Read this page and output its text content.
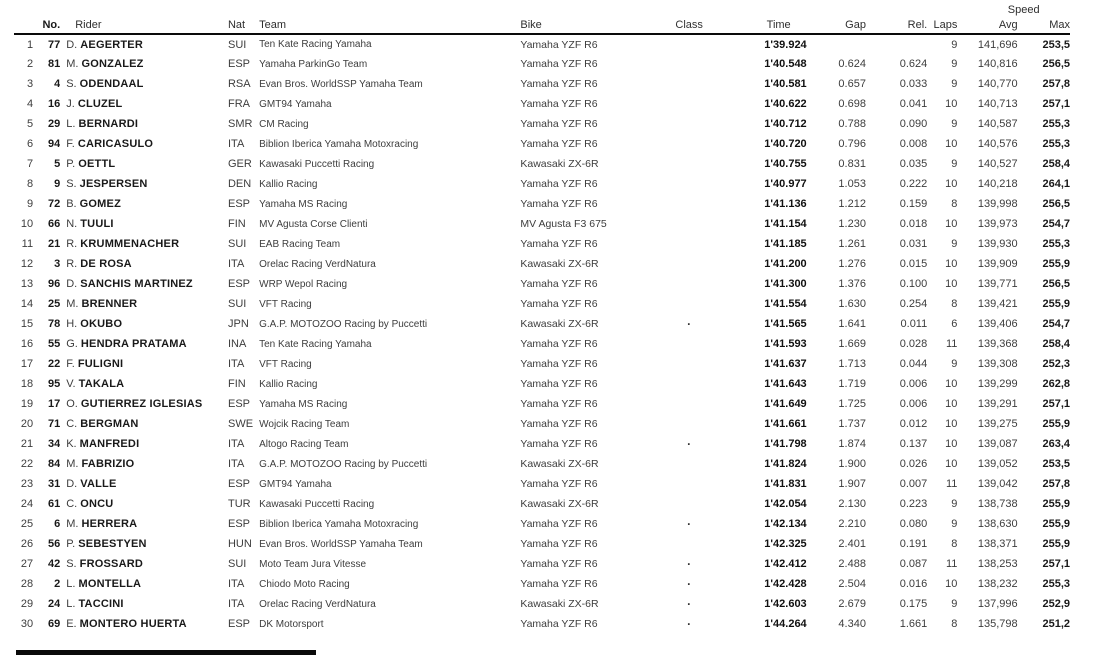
											Speed	
	No.	Rider	Nat	Team	Bike	Class	Time	Gap	Rel.	Laps	Avg	Max
1	77	D. AEGERTER	SUI	Ten Kate Racing Yamaha	Yamaha YZF R6		1'39.924			9	141,696	253,5
2	81	M. GONZALEZ	ESP	Yamaha ParkinGo Team	Yamaha YZF R6		1'40.548	0.624	0.624	9	140,816	256,5
3	4	S. ODENDAAL	RSA	Evan Bros. WorldSSP Yamaha Team	Yamaha YZF R6		1'40.581	0.657	0.033	9	140,770	257,8
4	16	J. CLUZEL	FRA	GMT94 Yamaha	Yamaha YZF R6		1'40.622	0.698	0.041	10	140,713	257,1
5	29	L. BERNARDI	SMR	CM Racing	Yamaha YZF R6		1'40.712	0.788	0.090	9	140,587	255,3
6	94	F. CARICASULO	ITA	Biblion Iberica Yamaha Motoxracing	Yamaha YZF R6		1'40.720	0.796	0.008	10	140,576	255,3
7	5	P. OETTL	GER	Kawasaki Puccetti Racing	Kawasaki ZX-6R		1'40.755	0.831	0.035	9	140,527	258,4
8	9	S. JESPERSEN	DEN	Kallio Racing	Yamaha YZF R6		1'40.977	1.053	0.222	10	140,218	264,1
9	72	B. GOMEZ	ESP	Yamaha MS Racing	Yamaha YZF R6		1'41.136	1.212	0.159	8	139,998	256,5
10	66	N. TUULI	FIN	MV Agusta Corse Clienti	MV Agusta F3 675		1'41.154	1.230	0.018	10	139,973	254,7
11	21	R. KRUMMENACHER	SUI	EAB Racing Team	Yamaha YZF R6		1'41.185	1.261	0.031	9	139,930	255,3
12	3	R. DE ROSA	ITA	Orelac Racing VerdNatura	Kawasaki ZX-6R		1'41.200	1.276	0.015	10	139,909	255,9
13	96	D. SANCHIS MARTINEZ	ESP	WRP Wepol Racing	Yamaha YZF R6		1'41.300	1.376	0.100	10	139,771	256,5
14	25	M. BRENNER	SUI	VFT Racing	Yamaha YZF R6		1'41.554	1.630	0.254	8	139,421	255,9
15	78	H. OKUBO	JPN	G.A.P. MOTOZOO Racing by Puccetti	Kawasaki ZX-6R	·	1'41.565	1.641	0.011	6	139,406	254,7
16	55	G. HENDRA PRATAMA	INA	Ten Kate Racing Yamaha	Yamaha YZF R6		1'41.593	1.669	0.028	11	139,368	258,4
17	22	F. FULIGNI	ITA	VFT Racing	Yamaha YZF R6		1'41.637	1.713	0.044	9	139,308	252,3
18	95	V. TAKALA	FIN	Kallio Racing	Yamaha YZF R6		1'41.643	1.719	0.006	10	139,299	262,8
19	17	O. GUTIERREZ IGLESIAS	ESP	Yamaha MS Racing	Yamaha YZF R6		1'41.649	1.725	0.006	10	139,291	257,1
20	71	C. BERGMAN	SWE	Wojcik Racing Team	Yamaha YZF R6		1'41.661	1.737	0.012	10	139,275	255,9
21	34	K. MANFREDI	ITA	Altogo Racing Team	Yamaha YZF R6	·	1'41.798	1.874	0.137	10	139,087	263,4
22	84	M. FABRIZIO	ITA	G.A.P. MOTOZOO Racing by Puccetti	Kawasaki ZX-6R		1'41.824	1.900	0.026	10	139,052	253,5
23	31	D. VALLE	ESP	GMT94 Yamaha	Yamaha YZF R6		1'41.831	1.907	0.007	11	139,042	257,8
24	61	C. ONCU	TUR	Kawasaki Puccetti Racing	Kawasaki ZX-6R		1'42.054	2.130	0.223	9	138,738	255,9
25	6	M. HERRERA	ESP	Biblion Iberica Yamaha Motoxracing	Yamaha YZF R6	·	1'42.134	2.210	0.080	9	138,630	255,9
26	56	P. SEBESTYEN	HUN	Evan Bros. WorldSSP Yamaha Team	Yamaha YZF R6		1'42.325	2.401	0.191	8	138,371	255,9
27	42	S. FROSSARD	SUI	Moto Team Jura Vitesse	Yamaha YZF R6	·	1'42.412	2.488	0.087	11	138,253	257,1
28	2	L. MONTELLA	ITA	Chiodo Moto Racing	Yamaha YZF R6	·	1'42.428	2.504	0.016	10	138,232	255,3
29	24	L. TACCINI	ITA	Orelac Racing VerdNatura	Kawasaki ZX-6R	·	1'42.603	2.679	0.175	9	137,996	252,9
30	69	E. MONTERO HUERTA	ESP	DK Motorsport	Yamaha YZF R6	·	1'44.264	4.340	1.661	8	135,798	251,2
